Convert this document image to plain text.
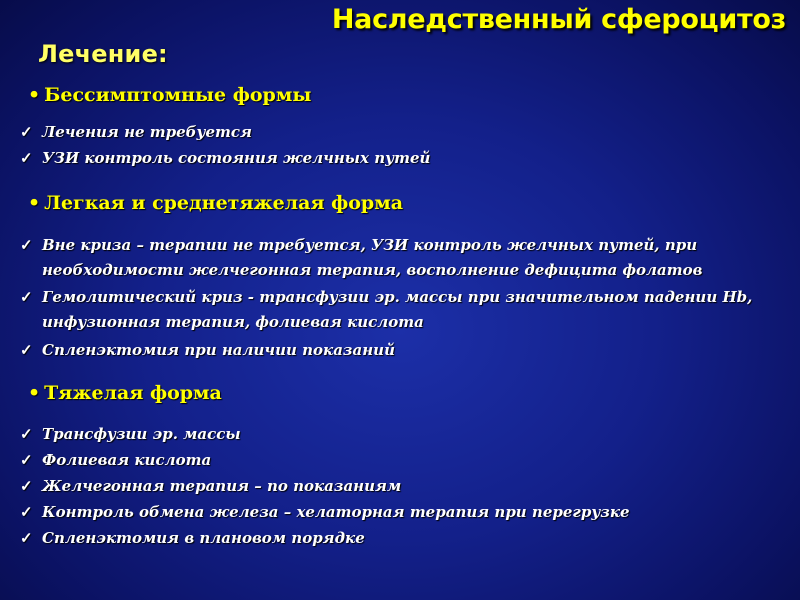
Наследственный сфероцитоз
Лечение:
• Бессимптомные формы
✓ Лечения не требуется
✓ УЗИ контроль состояния желчных путей
• Легкая и среднетяжелая форма
✓ Вне криза – терапии не требуется, УЗИ контроль желчных путей, при необходимости желчегонная терапия, восполнение дефицита фолатов
✓ Гемолитический криз - трансфузии эр. массы при значительном падении Hb, инфузионная терапия, фолиевая кислота
✓ Спленэктомия при наличии показаний
• Тяжелая форма
✓ Трансфузии эр. массы
✓ Фолиевая кислота
✓ Желчегонная терапия – по показаниям
✓ Контроль обмена железа – хелаторная терапия при перегрузке
✓ Спленэктомия в плановом порядке
